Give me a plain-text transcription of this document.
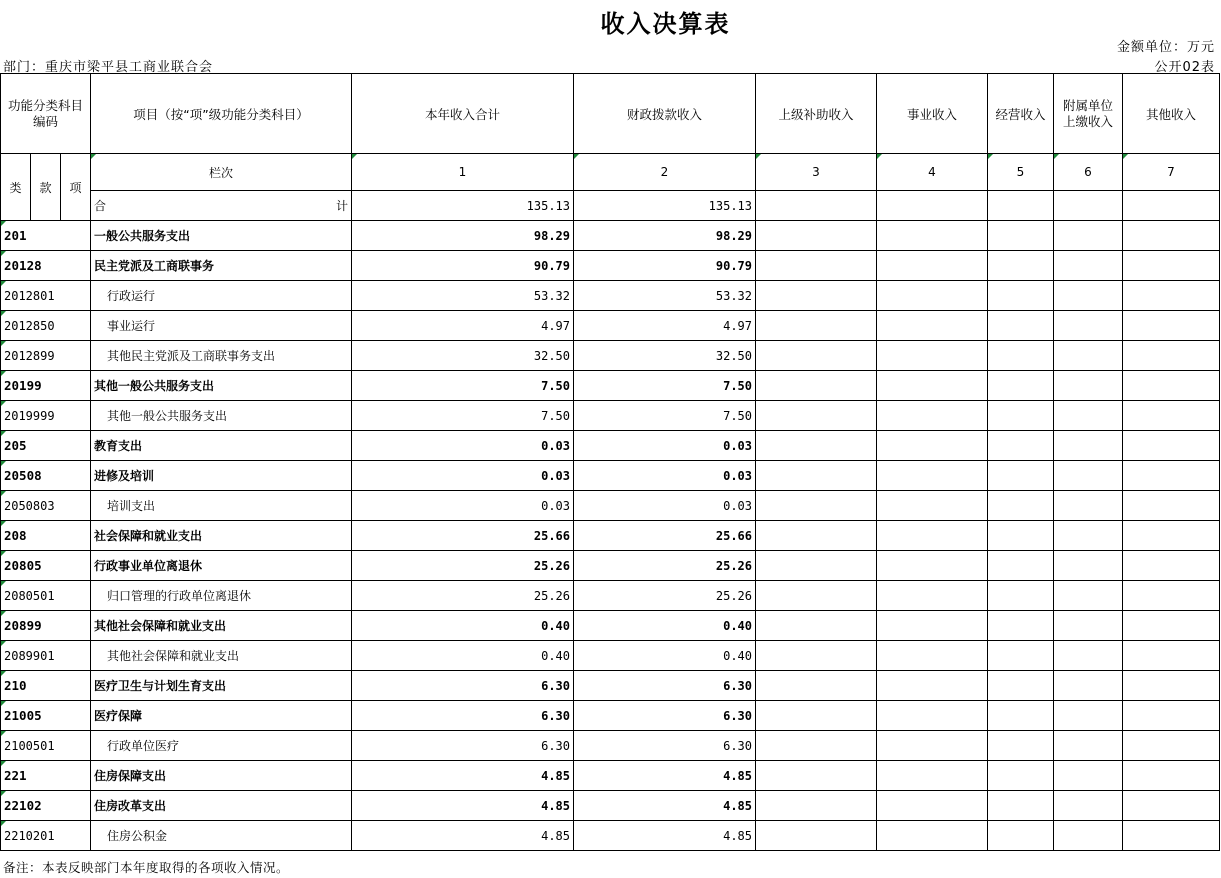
收入决算表
金额单位：万元
部门：重庆市梁平县工商业联合会	公开02表
功能分类科目编码			项目（按“项”级功能分类科目）	本年收入合计	财政拨款收入	上级补助收入	事业收入	经营收入	附属单位上缴收入	其他收入
类	款	项	栏次	1	2	3	4	5	6	7

			合 计	135.13	135.13					
201			一般公共服务支出	98.29	98.29					
20128			民主党派及工商联事务	90.79	90.79					
2012801			行政运行	53.32	53.32					
2012850			事业运行	4.97	4.97					
2012899			其他民主党派及工商联事务支出	32.50	32.50					
20199			其他一般公共服务支出	7.50	7.50					
2019999			其他一般公共服务支出	7.50	7.50					
205			教育支出	0.03	0.03					
20508			进修及培训	0.03	0.03					
2050803			培训支出	0.03	0.03					
208			社会保障和就业支出	25.66	25.66					
20805			行政事业单位离退休	25.26	25.26					
2080501			归口管理的行政单位离退休	25.26	25.26					
20899			其他社会保障和就业支出	0.40	0.40					
2089901			其他社会保障和就业支出	0.40	0.40					
210			医疗卫生与计划生育支出	6.30	6.30					
21005			医疗保障	6.30	6.30					
2100501			行政单位医疗	6.30	6.30					
221			住房保障支出	4.85	4.85					
22102			住房改革支出	4.85	4.85					
2210201			住房公积金	4.85	4.85					
备注：本表反映部门本年度取得的各项收入情况。
